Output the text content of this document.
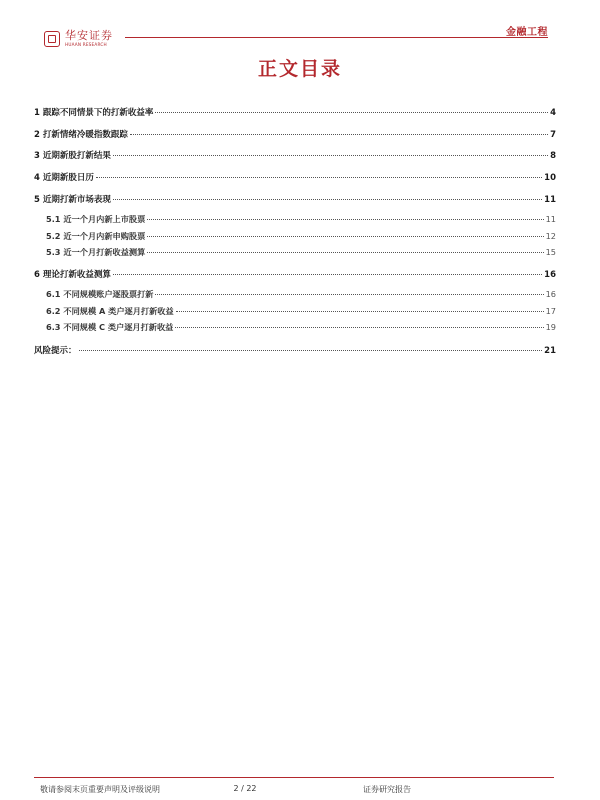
华安证券
HUAAN RESEARCH
金融工程
正文目录
1 跟踪不同情景下的打新收益率	4
2 打新情绪冷暖指数跟踪	7
3 近期新股打新结果	8
4 近期新股日历	10
5 近期打新市场表现	11
5.1 近一个月内新上市股票	11
5.2 近一个月内新申购股票	12
5.3 近一个月打新收益测算	15
6 理论打新收益测算	16
6.1 不同规模账户逐股票打新	16
6.2 不同规模 A 类户逐月打新收益	17
6.3 不同规模 C 类户逐月打新收益	19
风险提示：	21
敬请参阅末页重要声明及评级说明	2 / 22	证券研究报告
